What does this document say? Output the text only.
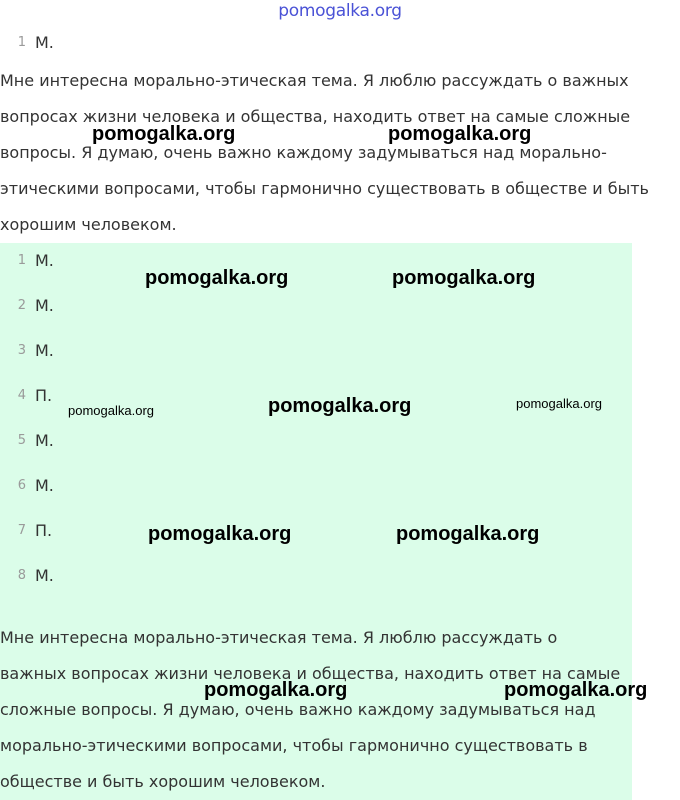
pomogalka.org
1 М.
Мне интересна морально-этическая тема. Я люблю рассуждать о важных
вопросах жизни человека и общества, находить ответ на самые сложные
вопросы. Я думаю, очень важно каждому задумываться над морально-
этическими вопросами, чтобы гармонично существовать в обществе и быть
хорошим человеком.
1 М.
2 М.
3 М.
4 П.
5 М.
6 М.
7 П.
8 М.
Мне интересна морально-этическая тема. Я люблю рассуждать о
важных вопросах жизни человека и общества, находить ответ на самые
сложные вопросы. Я думаю, очень важно каждому задумываться над
морально-этическими вопросами, чтобы гармонично существовать в
обществе и быть хорошим человеком.
pomogalka.org	pomogalka.org
pomogalka.org	pomogalka.org
pomogalka.org	pomogalka.org	pomogalka.org
pomogalka.org	pomogalka.org
pomogalka.org	pomogalka.org
